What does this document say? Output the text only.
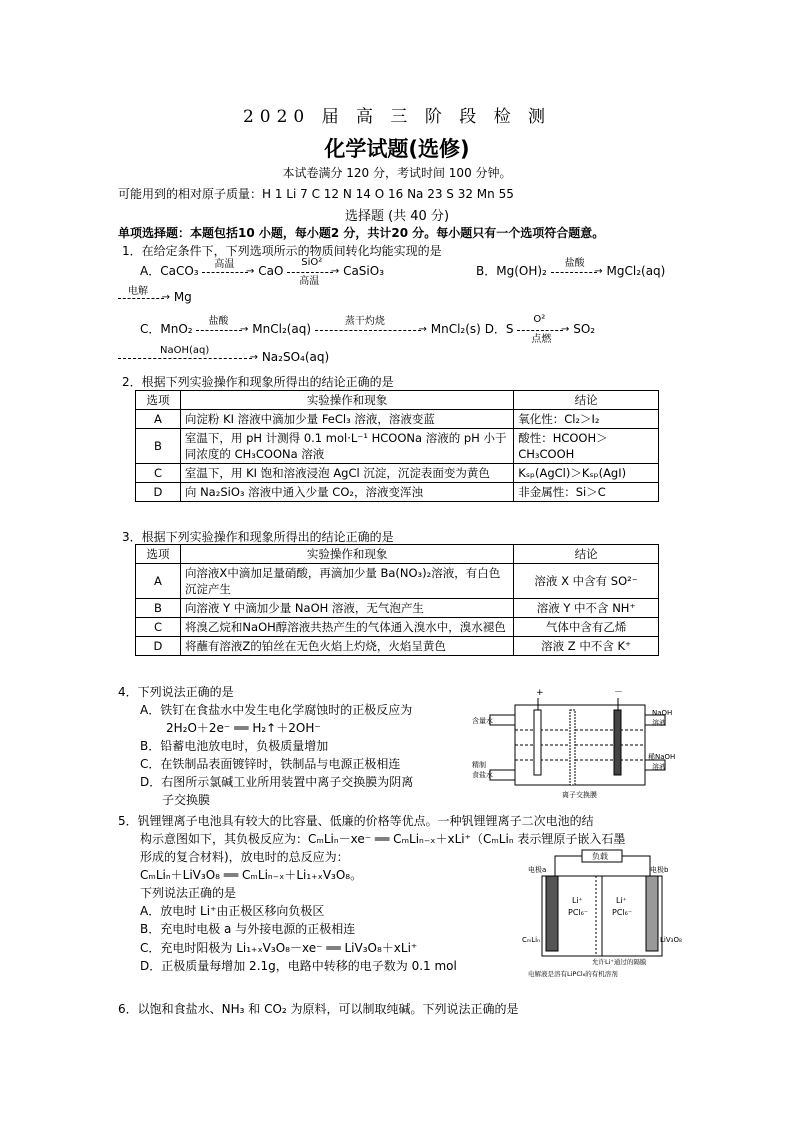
2020 届 高 三 阶 段 检 测
化学试题(选修)
本试卷满分 120 分，考试时间 100 分钟。
可能用到的相对原子质量：H 1 Li 7 C 12 N 14 O 16 Na 23 S 32 Mn 55
选择题 (共 40 分)
单项选择题：本题包括10 小题，每小题2 分，共计20 分。每小题只有一个选项符合题意。
1．在给定条件下，下列选项所示的物质间转化均能实现的是
A．CaCO₃ 高温
→ CaO
SiO²
→
高温
CaSiO₃	B．Mg(OH)₂
盐酸
→ MgCl₂(aq)
电解
→ Mg
C．MnO₂
盐酸
→ MnCl₂(aq)
蒸干灼烧
→ MnCl₂(s) D．S
O²
→
点燃
SO₂
NaOH(aq)
→ Na₂SO₄(aq)
2．根据下列实验操作和现象所得出的结论正确的是
选项	实验操作和现象	结论
A	向淀粉 KI 溶液中滴加少量 FeCl₃ 溶液，溶液变蓝	氧化性：Cl₂＞I₂
B	室温下，用 pH 计测得 0.1 mol·L⁻¹ HCOONa 溶液的 pH 小于同浓度的 CH₃COONa 溶液	酸性：HCOOH＞CH₃COOH
C	室温下，用 KI 饱和溶液浸泡 AgCl 沉淀，沉淀表面变为黄色	Kₛₚ(AgCl)＞Kₛₚ(AgI)
D	向 Na₂SiO₃ 溶液中通入少量 CO₂，溶液变浑浊	非金属性：Si＞C
3．根据下列实验操作和现象所得出的结论正确的是
选项	实验操作和现象	结论
A	向溶液X中滴加足量硝酸，再滴加少量 Ba(NO₃)₂溶液，有白色沉淀产生	溶液 X 中含有 SO²⁻
B	向溶液 Y 中滴加少量 NaOH 溶液，无气泡产生	溶液 Y 中不含 NH⁺
C	将溴乙烷和NaOH醇溶液共热产生的气体通入溴水中，溴水褪色	气体中含有乙烯
D	将蘸有溶液Z的铂丝在无色火焰上灼烧，火焰呈黄色	溶液 Z 中不含 K⁺
4．下列说法正确的是
A．铁钉在食盐水中发生电化学腐蚀时的正极反应为
2H₂O＋2e⁻ ══ H₂↑＋2OH⁻
B．铅蓄电池放电时，负极质量增加
C．在铁制品表面镀锌时，铁制品与电源正极相连
D．右图所示氯碱工业所用装置中离子交换膜为阴离
子交换膜
+	－
含量水
精制
食盐水
NaOH
溶液
稀NaOH
溶液
离子交换膜
5．钒锂锂离子电池具有较大的比容量、低廉的价格等优点。一种钒锂锂离子二次电池的结
构示意图如下，其负极反应为：CₘLiₙ－xe⁻ ══ CₘLiₙ₋ₓ＋xLi⁺（CₘLiₙ 表示锂原子嵌入石墨
形成的复合材料)，放电时的总反应为：
CₘLiₙ＋LiV₃O₈ ══ CₘLiₙ₋ₓ＋Li₁₊ₓV₃O₈。
下列说法正确的是
A．放电时 Li⁺由正极区移向负极区
B．充电时电极 a 与外接电源的正极相连
C．充电时阳极为 Li₁₊ₓV₃O₈－xe⁻ ══ LiV₃O₈＋xLi⁺
D．正极质量每增加 2.1g，电路中转移的电子数为 0.1 mol
负载
电极a	电极b
Li⁺
PCl₆⁻
Li⁺
PCl₆⁻
CₘLiₙ	LiV₃O₈
允许Li⁺通过的隔膜
电解液是溶有LiPCl₆的有机溶剂
6．以饱和食盐水、NH₃ 和 CO₂ 为原料，可以制取纯碱。下列说法正确的是
